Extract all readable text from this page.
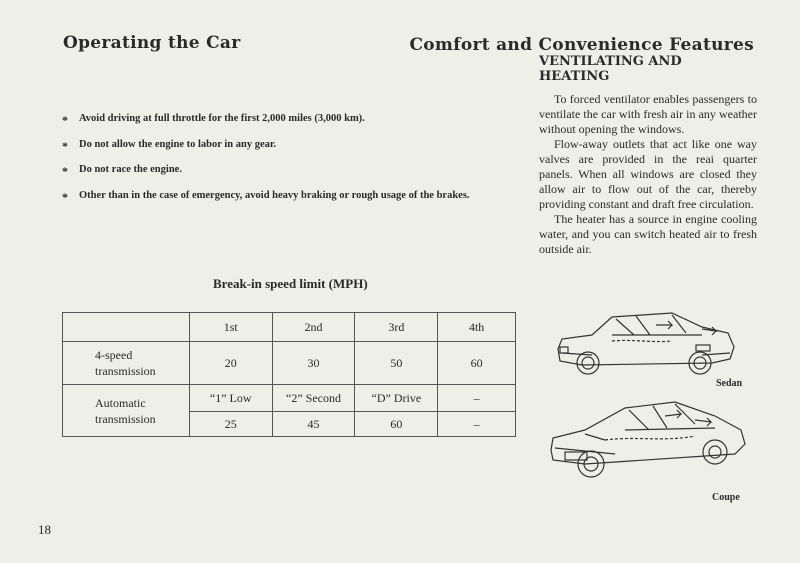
Operating the Car	Comfort and Convenience Features
*	Avoid driving at full throttle for the first 2,000 miles (3,000 km).
*	Do not allow the engine to labor in any gear.
*	Do not race the engine.
*	Other than in the case of emergency, avoid heavy braking or rough usage of the brakes.
Break-in speed limit (MPH)
	1st	2nd	3rd	4th
4-speed
transmission	20	30	50	60
Automatic
transmission	“1” Low	“2” Second	“D” Drive	–
	25	45	60	–
VENTILATING AND
HEATING

To forced ventilator enables passengers to ventilate the car with fresh air in any weather without opening the windows.

Flow-away outlets that act like one way valves are provided in the reai quarter panels. When all windows are closed they allow air to flow out of the car, thereby providing constant and draft free circulation.

The heater has a source in engine cooling water, and you can switch heated air to fresh outside air.

Sedan
Coupe
18
